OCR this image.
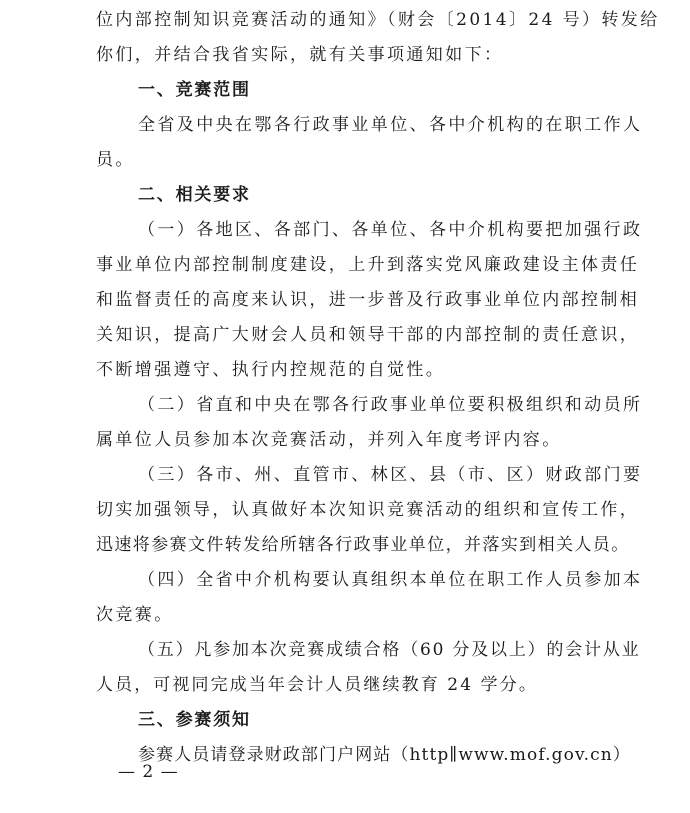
位内部控制知识竞赛活动的通知》（财会〔2014〕24 号）转发给
你们，并结合我省实际，就有关事项通知如下：
一、竞赛范围
全省及中央在鄂各行政事业单位、各中介机构的在职工作人
员。
二、相关要求
（一）各地区、各部门、各单位、各中介机构要把加强行政
事业单位内部控制制度建设，上升到落实党风廉政建设主体责任
和监督责任的高度来认识，进一步普及行政事业单位内部控制相
关知识，提高广大财会人员和领导干部的内部控制的责任意识，
不断增强遵守、执行内控规范的自觉性。
（二）省直和中央在鄂各行政事业单位要积极组织和动员所
属单位人员参加本次竞赛活动，并列入年度考评内容。
（三）各市、州、直管市、林区、县（市、区）财政部门要
切实加强领导，认真做好本次知识竞赛活动的组织和宣传工作，
迅速将参赛文件转发给所辖各行政事业单位，并落实到相关人员。
（四）全省中介机构要认真组织本单位在职工作人员参加本
次竞赛。
（五）凡参加本次竞赛成绩合格（60 分及以上）的会计从业
人员，可视同完成当年会计人员继续教育 24 学分。
三、参赛须知
参赛人员请登录财政部门户网站（http∥www.mof.gov.cn）
— 2 —
